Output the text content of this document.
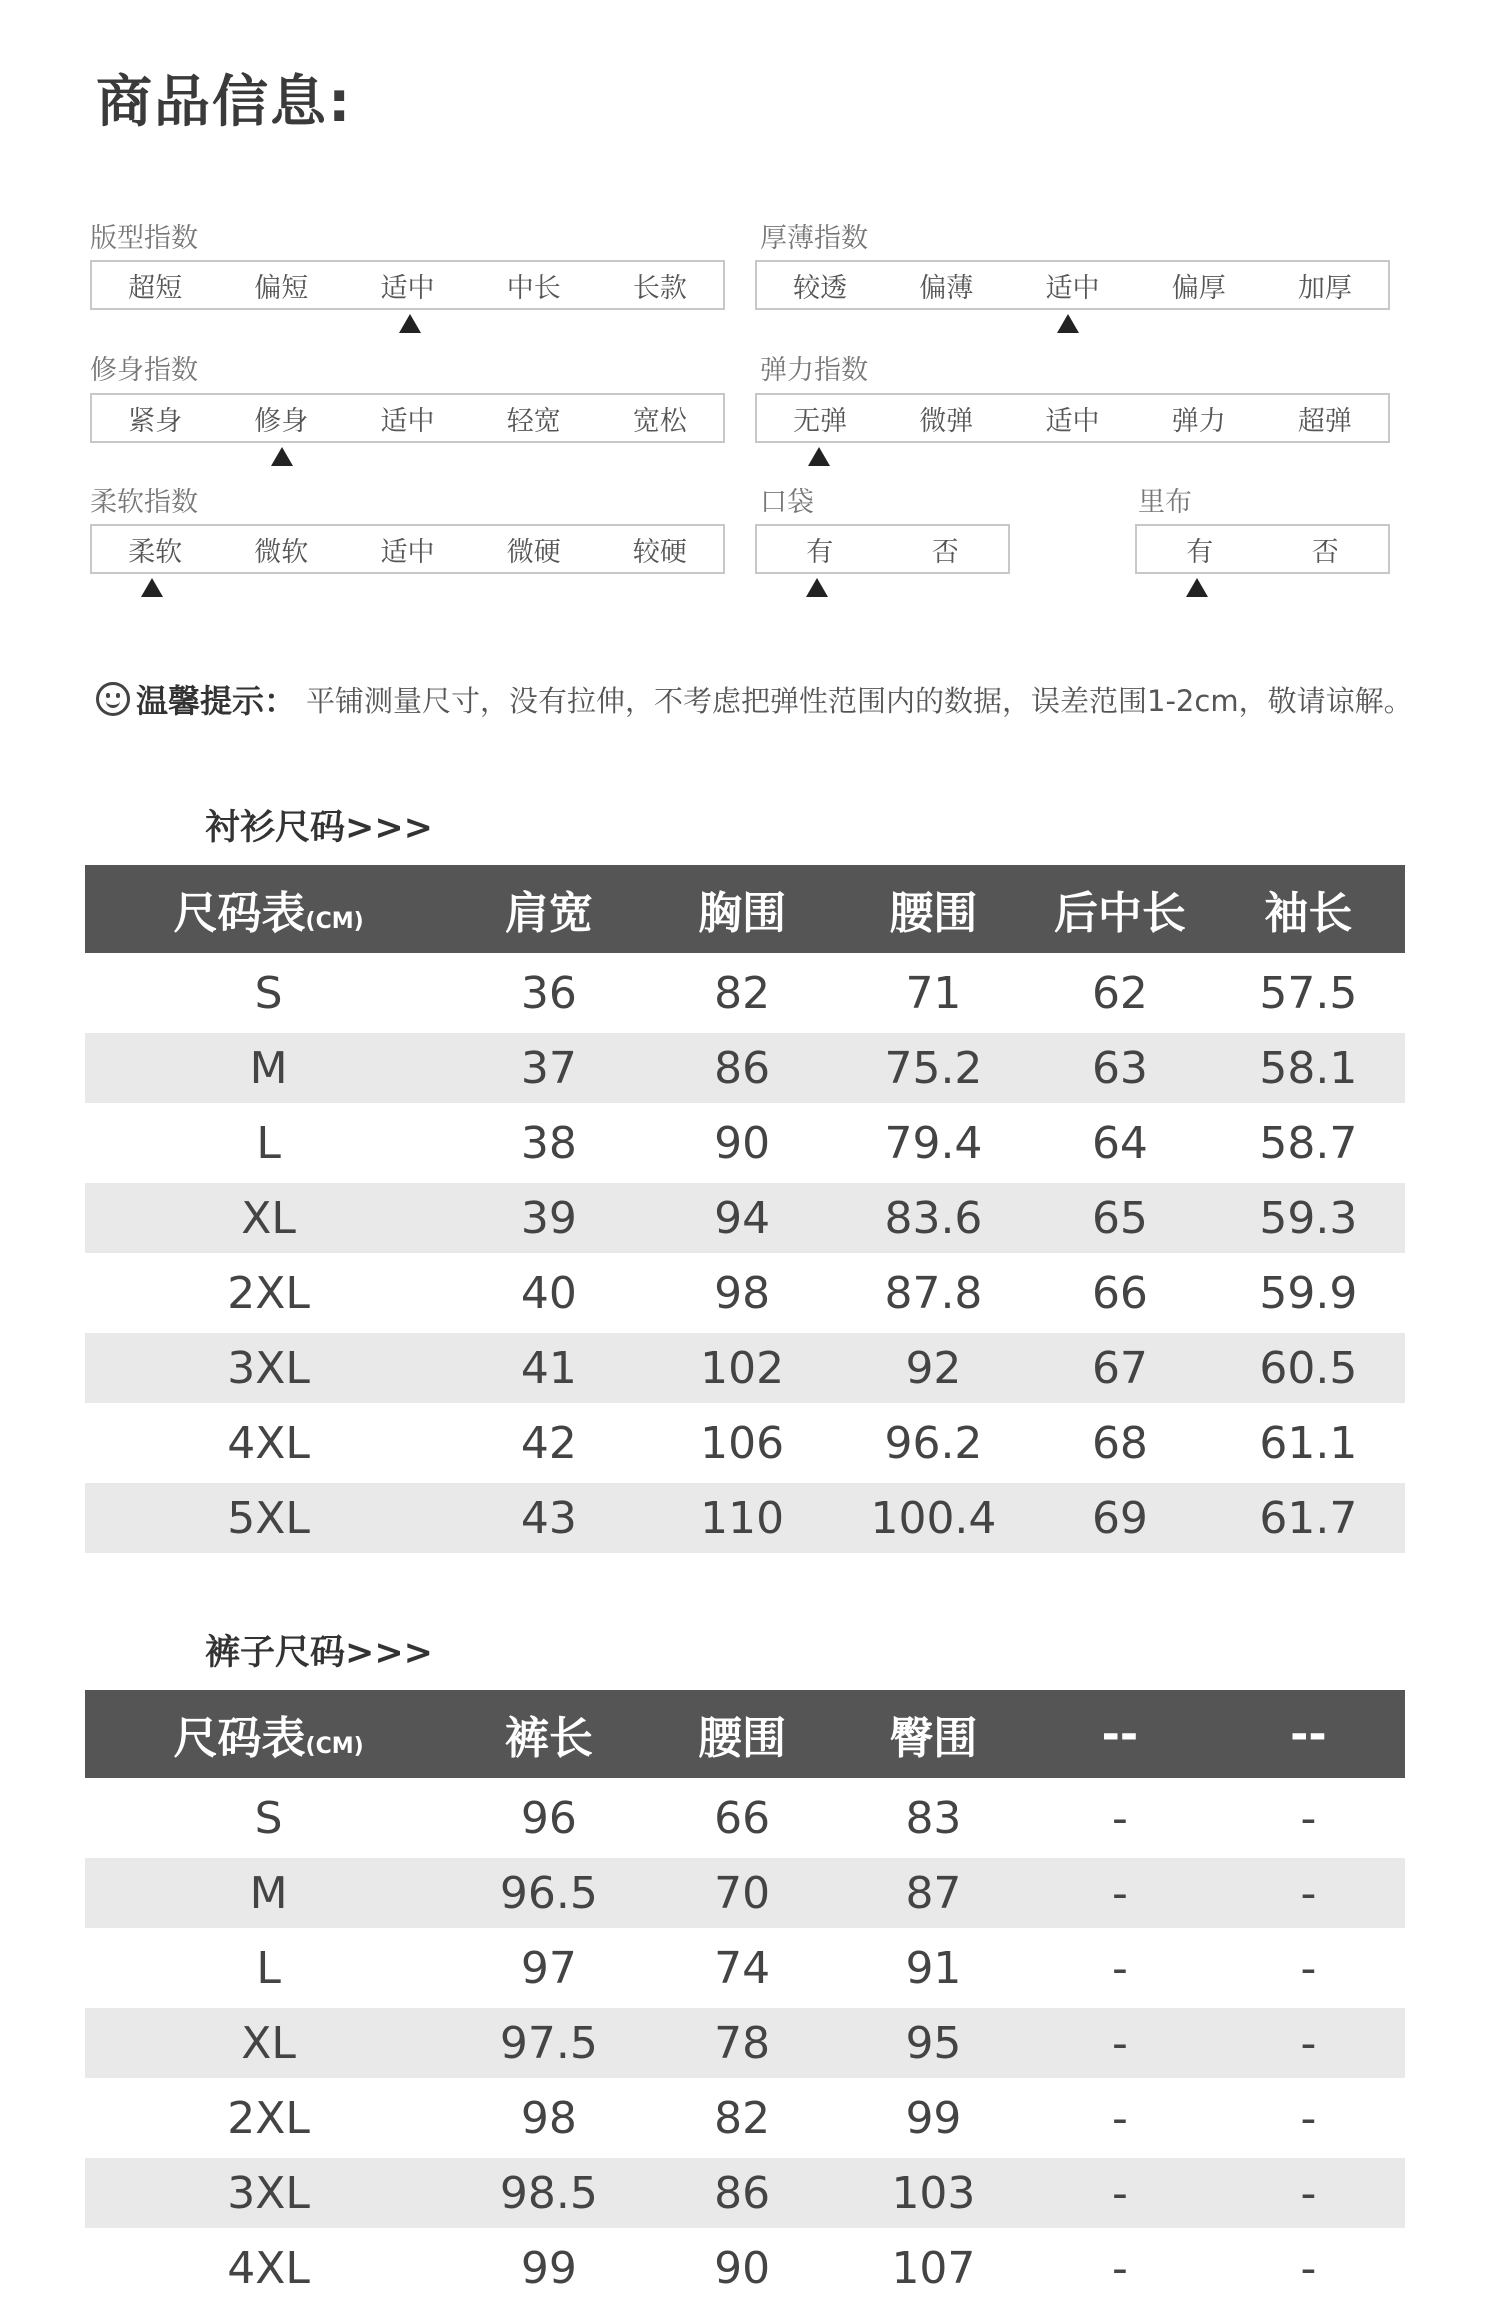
商品信息:
版型指数
超短	偏短	适中	中长	长款
厚薄指数
较透	偏薄	适中	偏厚	加厚
修身指数
紧身	修身	适中	轻宽	宽松
弹力指数
无弹	微弹	适中	弹力	超弹
柔软指数
柔软	微软	适中	微硬	较硬
口袋
有	否
里布
有	否
温馨提示： 平铺测量尺寸，没有拉伸，不考虑把弹性范围内的数据，误差范围1-2cm，敬请谅解。
衬衫尺码>>>
尺码表(CM)	肩宽	胸围	腰围	后中长	袖长
S	36	82	71	62	57.5
M	37	86	75.2	63	58.1
L	38	90	79.4	64	58.7
XL	39	94	83.6	65	59.3
2XL	40	98	87.8	66	59.9
3XL	41	102	92	67	60.5
4XL	42	106	96.2	68	61.1
5XL	43	110	100.4	69	61.7
裤子尺码>>>
尺码表(CM)	裤长	腰围	臀围	--	--
S	96	66	83	-	-
M	96.5	70	87	-	-
L	97	74	91	-	-
XL	97.5	78	95	-	-
2XL	98	82	99	-	-
3XL	98.5	86	103	-	-
4XL	99	90	107	-	-
